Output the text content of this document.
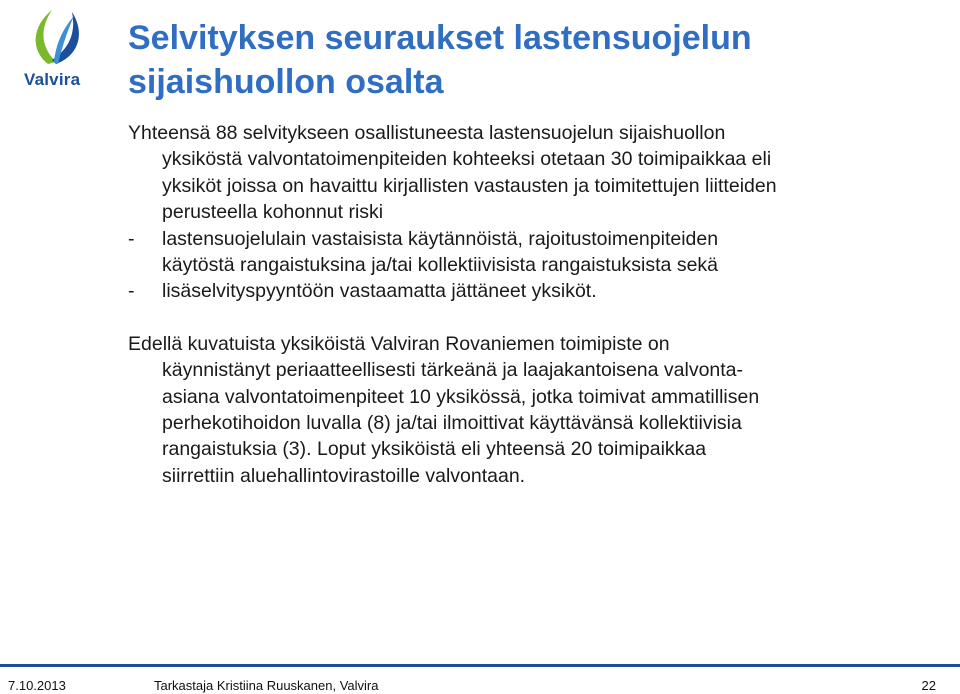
Valvira
Selvityksen seuraukset lastensuojelun sijaishuollon osalta
Yhteensä 88 selvitykseen osallistuneesta lastensuojelun sijaishuollon
yksiköstä valvontatoimenpiteiden kohteeksi otetaan 30 toimipaikkaa eli
yksiköt joissa on havaittu kirjallisten vastausten ja toimitettujen liitteiden
perusteella kohonnut riski
-	lastensuojelulain vastaisista käytännöistä, rajoitustoimenpiteiden
käytöstä rangaistuksina ja/tai kollektiivisista rangaistuksista sekä
-	lisäselvityspyyntöön vastaamatta jättäneet yksiköt.
Edellä kuvatuista yksiköistä Valviran Rovaniemen toimipiste on
käynnistänyt periaatteellisesti tärkeänä ja laajakantoisena valvonta-
asiana valvontatoimenpiteet 10 yksikössä, jotka toimivat ammatillisen
perhekotihoidon luvalla (8) ja/tai ilmoittivat käyttävänsä kollektiivisia
rangaistuksia (3). Loput yksiköistä eli yhteensä 20 toimipaikkaa
siirrettiin aluehallintovirastoille valvontaan.
7.10.2013	Tarkastaja Kristiina Ruuskanen, Valvira	22
